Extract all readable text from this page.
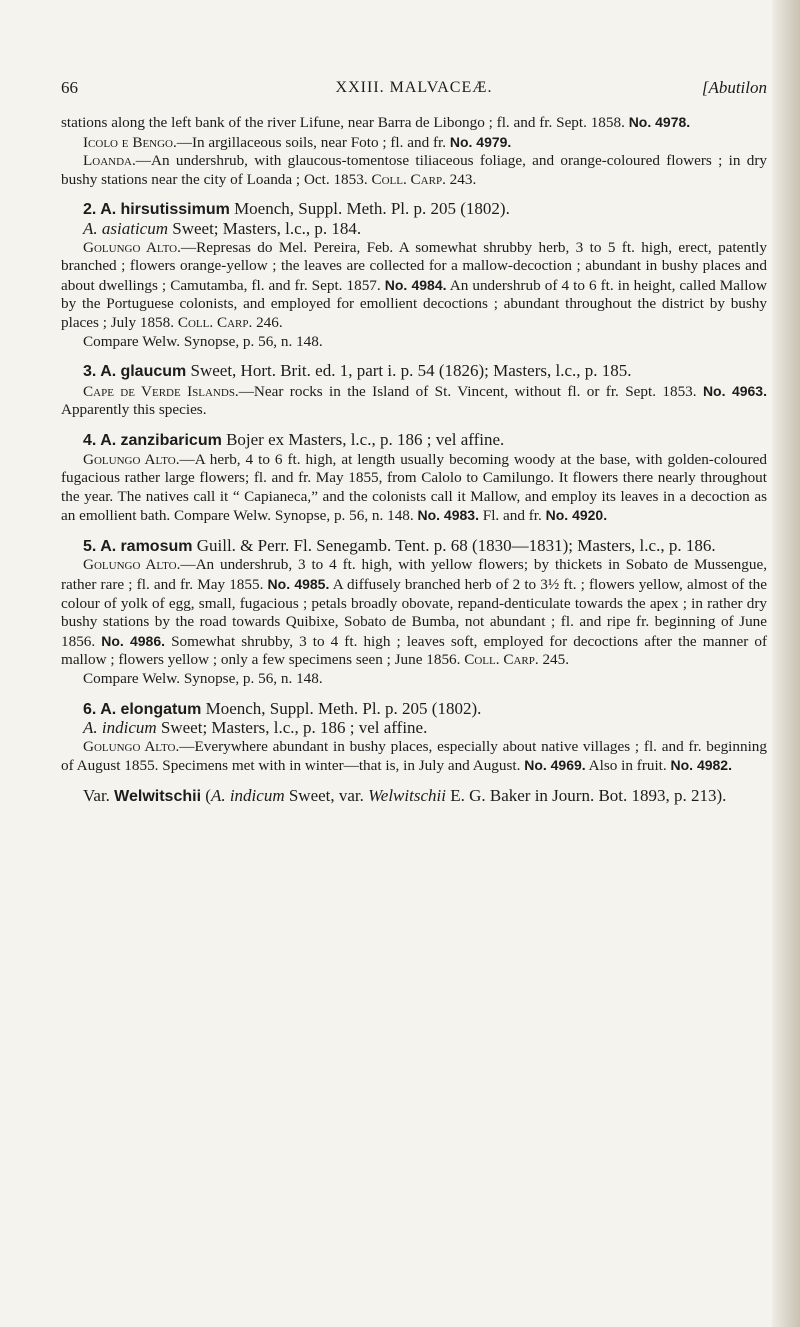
66	XXIII. MALVACEÆ.	[Abutilon

stations along the left bank of the river Lifune, near Barra de Libongo ; fl. and fr. Sept. 1858. No. 4978.

Icolo e Bengo.—In argillaceous soils, near Foto ; fl. and fr. No. 4979.

Loanda.—An undershrub, with glaucous-tomentose tiliaceous foliage, and orange-coloured flowers ; in dry bushy stations near the city of Loanda ; Oct. 1853. Coll. Carp. 243.

2. A. hirsutissimum Moench, Suppl. Meth. Pl. p. 205 (1802).

A. asiaticum Sweet; Masters, l.c., p. 184.

Golungo Alto.—Represas do Mel. Pereira, Feb. A somewhat shrubby herb, 3 to 5 ft. high, erect, patently branched ; flowers orange-yellow ; the leaves are collected for a mallow-decoction ; abundant in bushy places and about dwellings ; Camutamba, fl. and fr. Sept. 1857. No. 4984. An undershrub of 4 to 6 ft. in height, called Mallow by the Portuguese colonists, and employed for emollient decoctions ; abundant throughout the district by bushy places ; July 1858. Coll. Carp. 246.

Compare Welw. Synopse, p. 56, n. 148.

3. A. glaucum Sweet, Hort. Brit. ed. 1, part i. p. 54 (1826); Masters, l.c., p. 185.

Cape de Verde Islands.—Near rocks in the Island of St. Vincent, without fl. or fr. Sept. 1853. No. 4963. Apparently this species.

4. A. zanzibaricum Bojer ex Masters, l.c., p. 186 ; vel affine.

Golungo Alto.—A herb, 4 to 6 ft. high, at length usually becoming woody at the base, with golden-coloured fugacious rather large flowers; fl. and fr. May 1855, from Calolo to Camilungo. It flowers there nearly throughout the year. The natives call it “ Capianeca,” and the colonists call it Mallow, and employ its leaves in a decoction as an emollient bath. Compare Welw. Synopse, p. 56, n. 148. No. 4983. Fl. and fr. No. 4920.

5. A. ramosum Guill. & Perr. Fl. Senegamb. Tent. p. 68 (1830—1831); Masters, l.c., p. 186.

Golungo Alto.—An undershrub, 3 to 4 ft. high, with yellow flowers; by thickets in Sobato de Mussengue, rather rare ; fl. and fr. May 1855. No. 4985. A diffusely branched herb of 2 to 3½ ft. ; flowers yellow, almost of the colour of yolk of egg, small, fugacious ; petals broadly obovate, repand-denticulate towards the apex ; in rather dry bushy stations by the road towards Quibixe, Sobato de Bumba, not abundant ; fl. and ripe fr. beginning of June 1856. No. 4986. Somewhat shrubby, 3 to 4 ft. high ; leaves soft, employed for decoctions after the manner of mallow ; flowers yellow ; only a few specimens seen ; June 1856. Coll. Carp. 245.

Compare Welw. Synopse, p. 56, n. 148.

6. A. elongatum Moench, Suppl. Meth. Pl. p. 205 (1802).

A. indicum Sweet; Masters, l.c., p. 186 ; vel affine.

Golungo Alto.—Everywhere abundant in bushy places, especially about native villages ; fl. and fr. beginning of August 1855. Specimens met with in winter—that is, in July and August. No. 4969. Also in fruit. No. 4982.

Var. Welwitschii (A. indicum Sweet, var. Welwitschii E. G. Baker in Journ. Bot. 1893, p. 213).
